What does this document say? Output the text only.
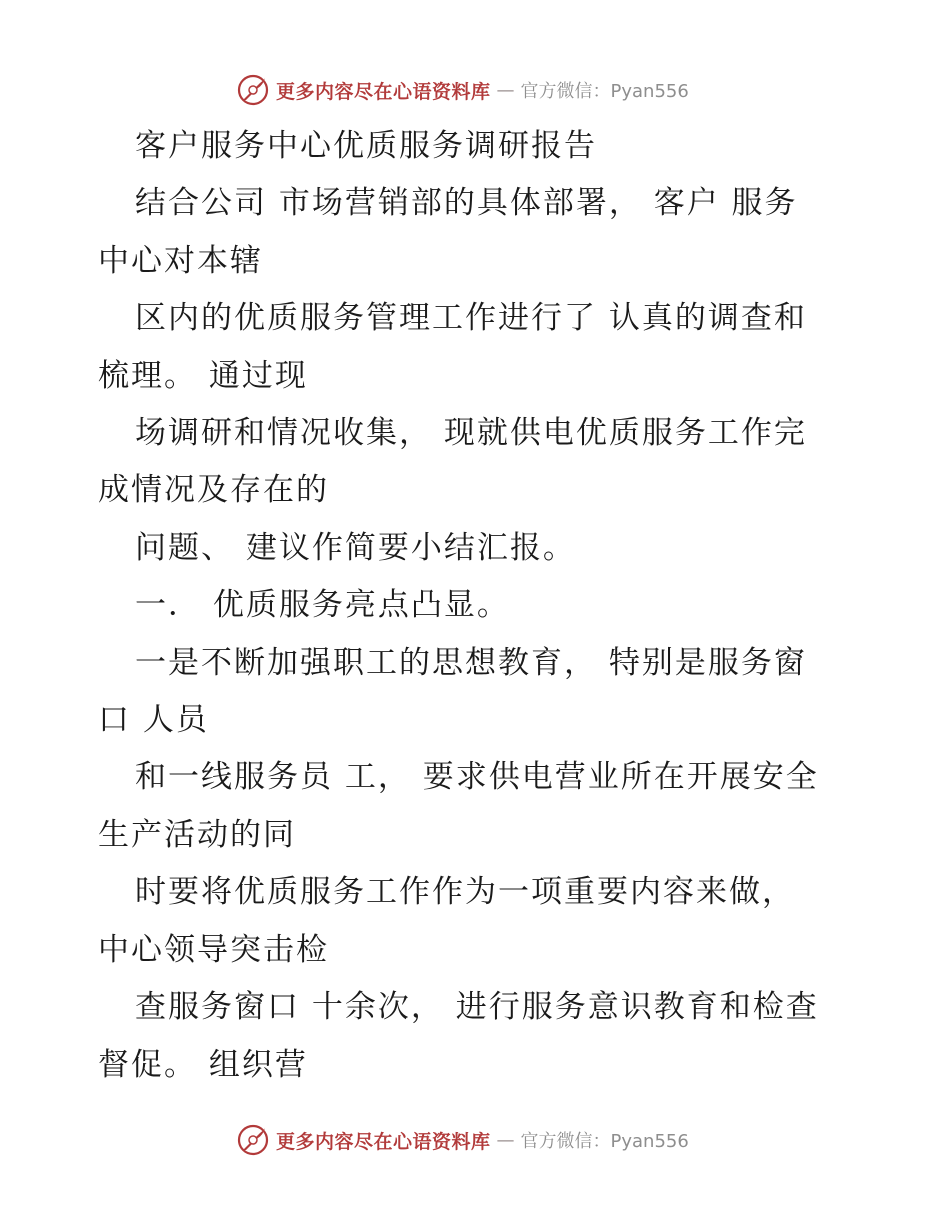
更多内容尽在心语资料库 — 官方微信：Pyan556

客户服务中心优质服务调研报告

结合公司 市场营销部的具体部署， 客户 服务

中心对本辖

区内的优质服务管理工作进行了 认真的调查和

梳理。 通过现

场调研和情况收集， 现就供电优质服务工作完

成情况及存在的

问题、 建议作简要小结汇报。

一． 优质服务亮点凸显。

一是不断加强职工的思想教育， 特别是服务窗

口 人员

和一线服务员 工， 要求供电营业所在开展安全

生产活动的同

时要将优质服务工作作为一项重要内容来做，

中心领导突击检

查服务窗口 十余次， 进行服务意识教育和检查

督促。 组织营

更多内容尽在心语资料库 — 官方微信：Pyan556
